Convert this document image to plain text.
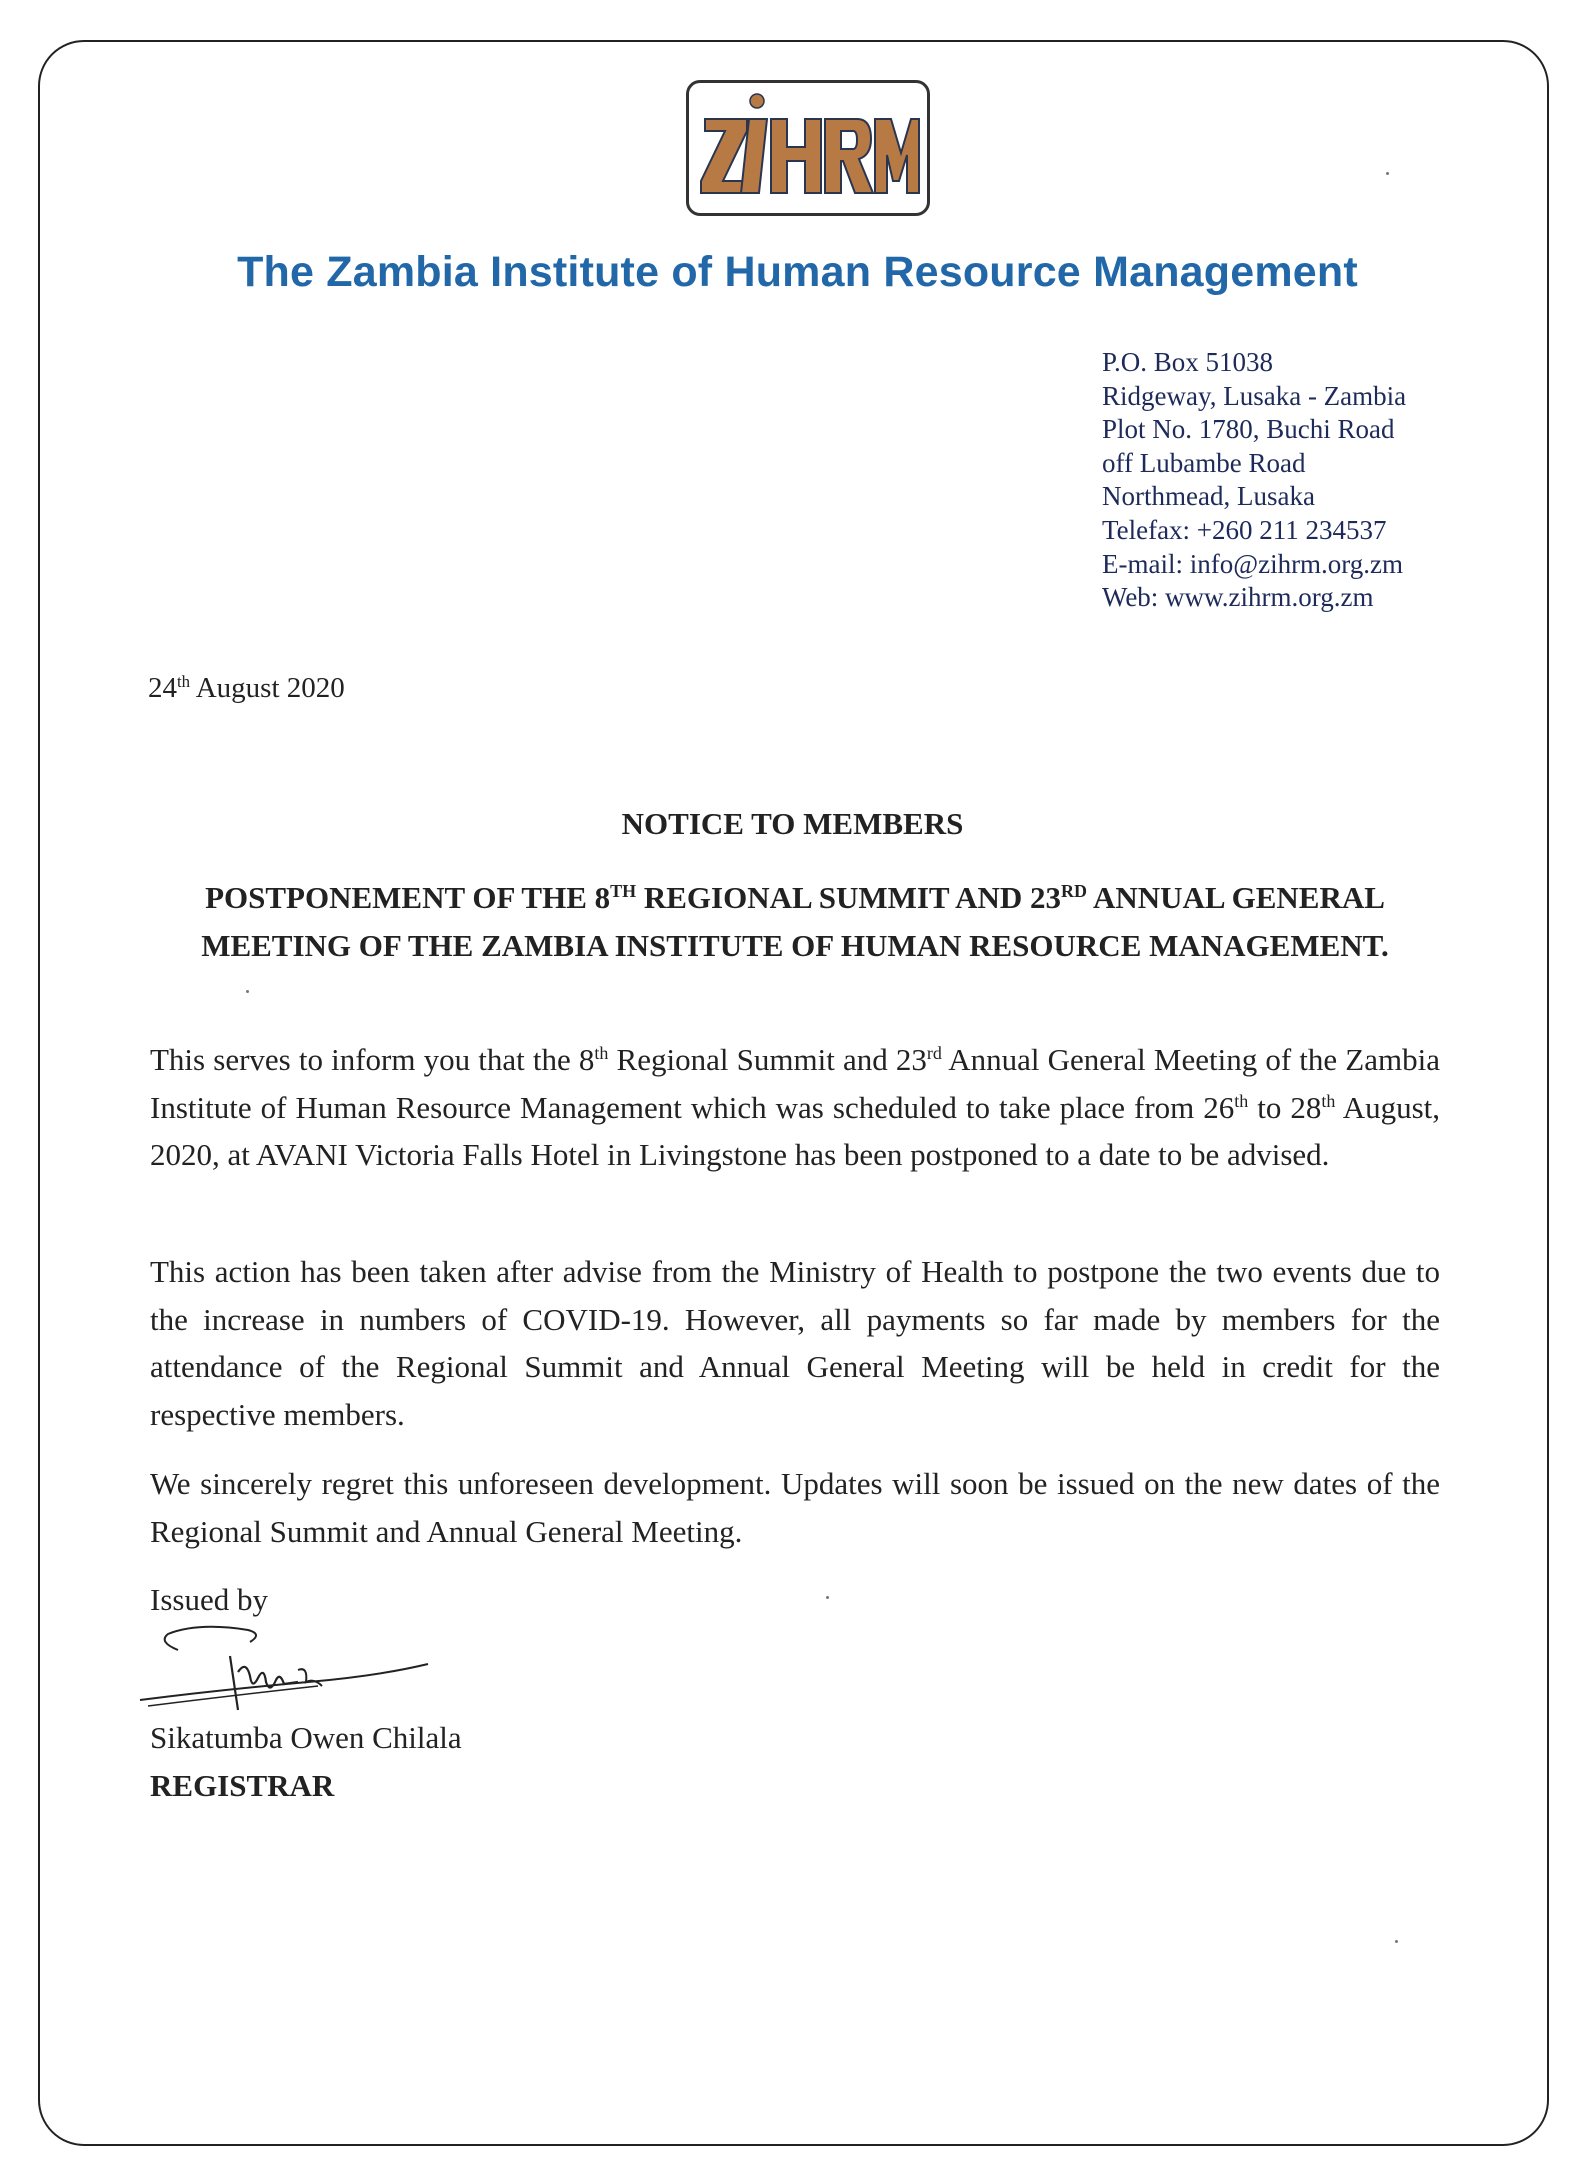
The Zambia Institute of Human Resource Management
P.O. Box 51038
Ridgeway, Lusaka - Zambia
Plot No. 1780, Buchi Road
off Lubambe Road
Northmead, Lusaka
Telefax: +260 211 234537
E-mail: info@zihrm.org.zm
Web: www.zihrm.org.zm
24th August 2020
NOTICE TO MEMBERS
POSTPONEMENT OF THE 8TH REGIONAL SUMMIT AND 23RD ANNUAL GENERAL MEETING OF THE ZAMBIA INSTITUTE OF HUMAN RESOURCE MANAGEMENT.
This serves to inform you that the 8th Regional Summit and 23rd Annual General Meeting of the Zambia Institute of Human Resource Management which was scheduled to take place from 26th to 28th August, 2020, at AVANI Victoria Falls Hotel in Livingstone has been postponed to a date to be advised.
This action has been taken after advise from the Ministry of Health to postpone the two events due to the increase in numbers of COVID-19. However, all payments so far made by members for the attendance of the Regional Summit and Annual General Meeting will be held in credit for the respective members.
We sincerely regret this unforeseen development. Updates will soon be issued on the new dates of the Regional Summit and Annual General Meeting.
Issued by
Sikatumba Owen Chilala
REGISTRAR
